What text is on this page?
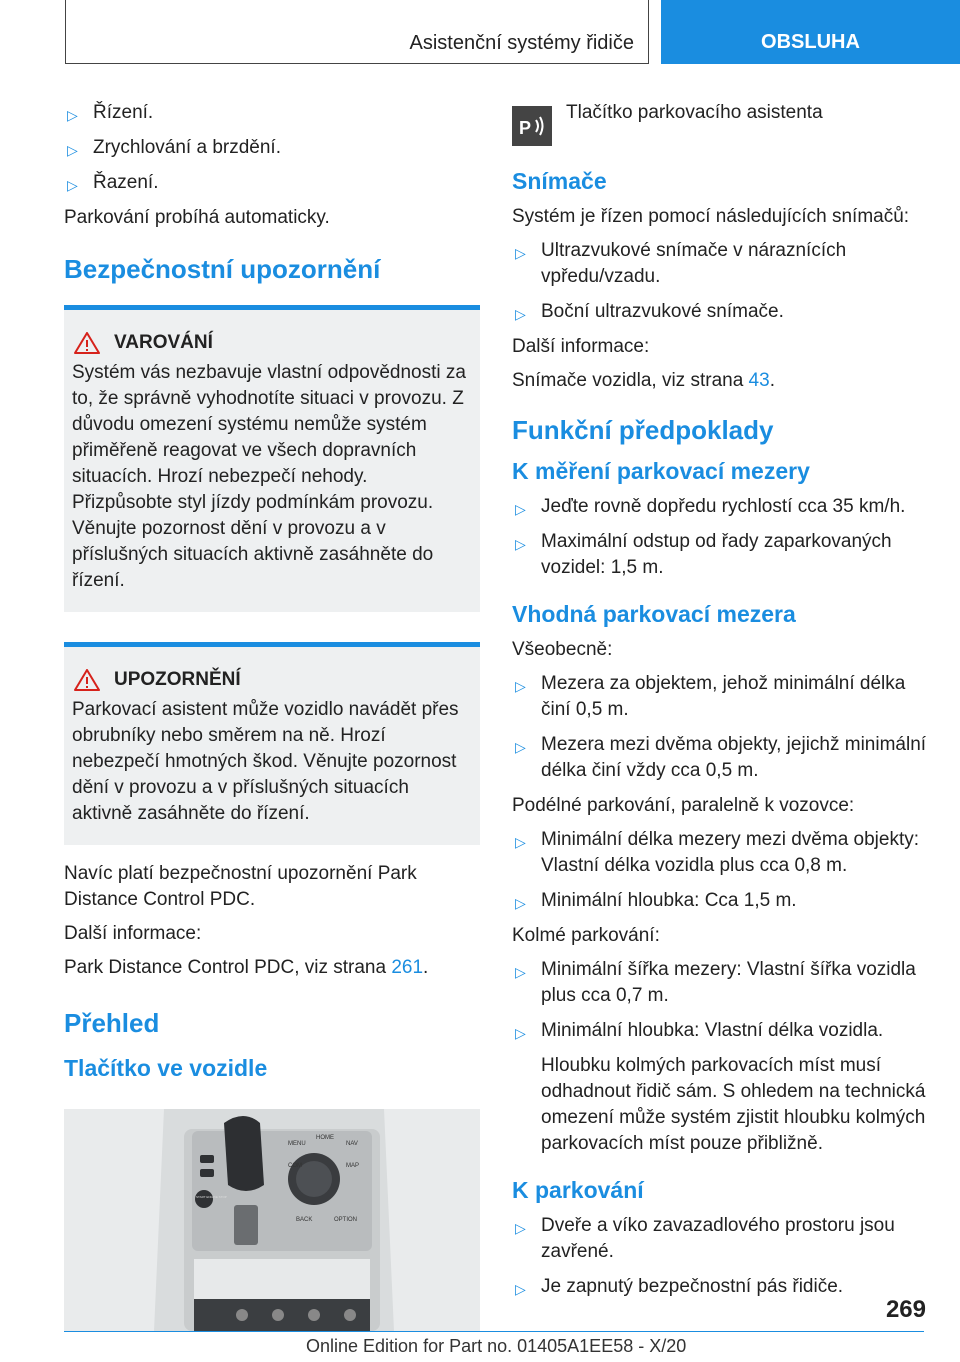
Asistenční systémy řidiče	OBSLUHA
▷ Řízení.
▷ Zrychlování a brzdění.
▷ Řazení.

Parkování probíhá automaticky.

Bezpečnostní upozornění
VAROVÁNÍ
Systém vás nezbavuje vlastní odpovědnosti za to, že správně vyhodnotíte situaci v provozu. Z důvodu omezení systému nemůže systém přiměřeně reagovat ve všech dopravních situacích. Hrozí nebezpečí nehody. Přizpůsobte styl jízdy podmínkám provozu. Věnujte pozornost dění v provozu a v příslušných situacích aktivně zasáhněte do řízení.
UPOZORNĚNÍ
Parkovací asistent může vozidlo navádět přes obrubníky nebo směrem na ně. Hrozí nebezpečí hmotných škod. Věnujte pozornost dění v provozu a v příslušných situacích aktivně zasáhněte do řízení.

Navíc platí bezpečnostní upozornění Park Distance Control PDC.

Další informace:

Park Distance Control PDC, viz strana 261.

Přehled
Tlačítko ve vozidle
MENU
HOME
NAV
COM	MAP
BACK	OPTION
START ENGINE STOP
P
Tlačítko parkovacího asistenta
Snímače

Systém je řízen pomocí následujících snímačů:

▷ Ultrazvukové snímače v náraznících vpředu/vzadu.
▷ Boční ultrazvukové snímače.

Další informace:

Snímače vozidla, viz strana 43.

Funkční předpoklady
K měření parkovací mezery
▷ Jeďte rovně dopředu rychlostí cca 35 km/h.
▷ Maximální odstup od řady zaparkovaných vozidel: 1,5 m.
Vhodná parkovací mezera

Všeobecně:

▷ Mezera za objektem, jehož minimální délka činí 0,5 m.
▷ Mezera mezi dvěma objekty, jejichž minimální délka činí vždy cca 0,5 m.

Podélné parkování, paralelně k vozovce:

▷ Minimální délka mezery mezi dvěma objekty: Vlastní délka vozidla plus cca 0,8 m.
▷ Minimální hloubka: Cca 1,5 m.

Kolmé parkování:

▷ Minimální šířka mezery: Vlastní šířka vozidla plus cca 0,7 m.
▷ Minimální hloubka: Vlastní délka vozidla.
Hloubku kolmých parkovacích míst musí odhadnout řidič sám. S ohledem na technická omezení může systém zjistit hloubku kolmých parkovacích míst pouze přibližně.
K parkování
▷ Dveře a víko zavazadlového prostoru jsou zavřené.
▷ Je zapnutý bezpečnostní pás řidiče.
269
Online Edition for Part no. 01405A1EE58 - X/20
